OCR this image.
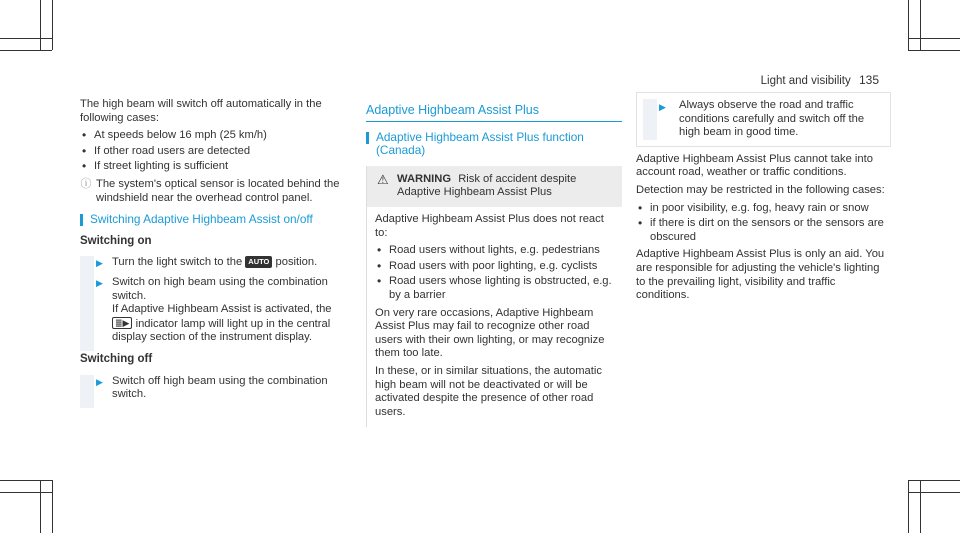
Light and visibility 135

The high beam will switch off automatically in the following cases:

• At speeds below 16 mph (25 km/h)
• If other road users are detected
• If street lighting is sufficient
ⓘ The system's optical sensor is located behind the windshield near the overhead control panel.
Switching Adaptive Highbeam Assist on/off
Switching on
▶ Turn the light switch to the AUTO position.
▶ Switch on high beam using the combination switch.
If Adaptive Highbeam Assist is activated, the ≣▶ indicator lamp will light up in the central display section of the instrument display.
Switching off
▶ Switch off high beam using the combination switch.
Adaptive Highbeam Assist Plus
Adaptive Highbeam Assist Plus function (Canada)
⚠ WARNING Risk of accident despite Adaptive Highbeam Assist Plus

Adaptive Highbeam Assist Plus does not react to:

• Road users without lights, e.g. pedestrians
• Road users with poor lighting, e.g. cyclists
• Road users whose lighting is obstructed, e.g. by a barrier

On very rare occasions, Adaptive Highbeam Assist Plus may fail to recognize other road users with their own lighting, or may recognize them too late.

In these, or in similar situations, the automatic high beam will not be deactivated or will be activated despite the presence of other road users.

▶	Always observe the road and traffic conditions carefully and switch off the high beam in good time.

Adaptive Highbeam Assist Plus cannot take into account road, weather or traffic conditions.

Detection may be restricted in the following cases:

• in poor visibility, e.g. fog, heavy rain or snow
• if there is dirt on the sensors or the sensors are obscured

Adaptive Highbeam Assist Plus is only an aid. You are responsible for adjusting the vehicle's lighting to the prevailing light, visibility and traffic conditions.
